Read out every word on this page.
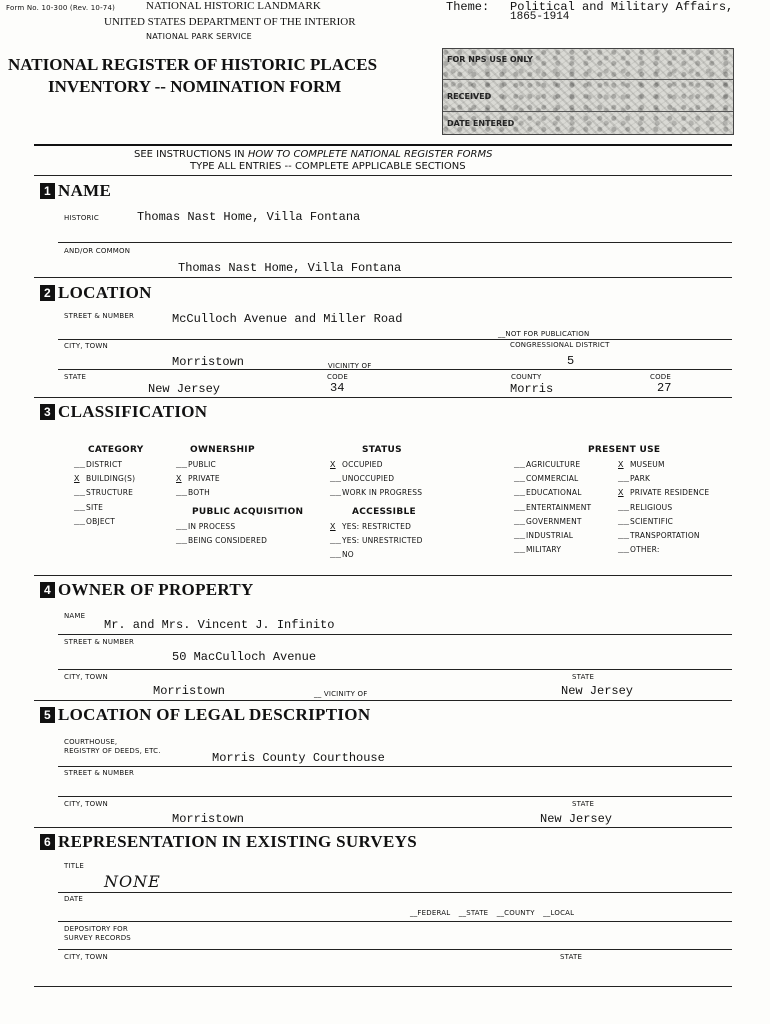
Form No. 10-300 (Rev. 10-74)	NATIONAL HISTORIC LANDMARK
UNITED STATES DEPARTMENT OF THE INTERIOR
NATIONAL PARK SERVICE
NATIONAL REGISTER OF HISTORIC PLACES
INVENTORY -- NOMINATION FORM
Theme: Political and Military Affairs,
1865-1914
FOR NPS USE ONLY
RECEIVED
DATE ENTERED
SEE INSTRUCTIONS IN HOW TO COMPLETE NATIONAL REGISTER FORMS
TYPE ALL ENTRIES -- COMPLETE APPLICABLE SECTIONS
1 NAME
HISTORIC	Thomas Nast Home, Villa Fontana
AND/OR COMMON
Thomas Nast Home, Villa Fontana
2 LOCATION
STREET & NUMBER	McCulloch Avenue and Miller Road
__NOT FOR PUBLICATION
CITY, TOWN	CONGRESSIONAL DISTRICT
Morristown	__ VICINITY OF	5
STATE	CODE	COUNTY	CODE
New Jersey	34	Morris	27
3 CLASSIFICATION
CATEGORY
__DISTRICT
X BUILDING(S)
__STRUCTURE
__SITE
__OBJECT
OWNERSHIP
__PUBLIC
X PRIVATE
__BOTH
PUBLIC ACQUISITION
__IN PROCESS
__BEING CONSIDERED
STATUS
X OCCUPIED
__UNOCCUPIED
__WORK IN PROGRESS
ACCESSIBLE
X YES: RESTRICTED
__YES: UNRESTRICTED
__NO
PRESENT USE
__AGRICULTURE
__COMMERCIAL
__EDUCATIONAL
__ENTERTAINMENT
__GOVERNMENT
__INDUSTRIAL
__MILITARY
X MUSEUM
__PARK
X PRIVATE RESIDENCE
__RELIGIOUS
__SCIENTIFIC
__TRANSPORTATION
__OTHER:
4 OWNER OF PROPERTY
NAME
Mr. and Mrs. Vincent J. Infinito
STREET & NUMBER
50 MacCulloch Avenue
CITY, TOWN	STATE
Morristown	__ VICINITY OF	New Jersey
5 LOCATION OF LEGAL DESCRIPTION
COURTHOUSE,
REGISTRY OF DEEDS, ETC.	Morris County Courthouse
STREET & NUMBER
CITY, TOWN	STATE
Morristown	New Jersey
6 REPRESENTATION IN EXISTING SURVEYS
TITLE
NONE
DATE
__FEDERAL __STATE __COUNTY __LOCAL
DEPOSITORY FOR
SURVEY RECORDS
CITY, TOWN	STATE
